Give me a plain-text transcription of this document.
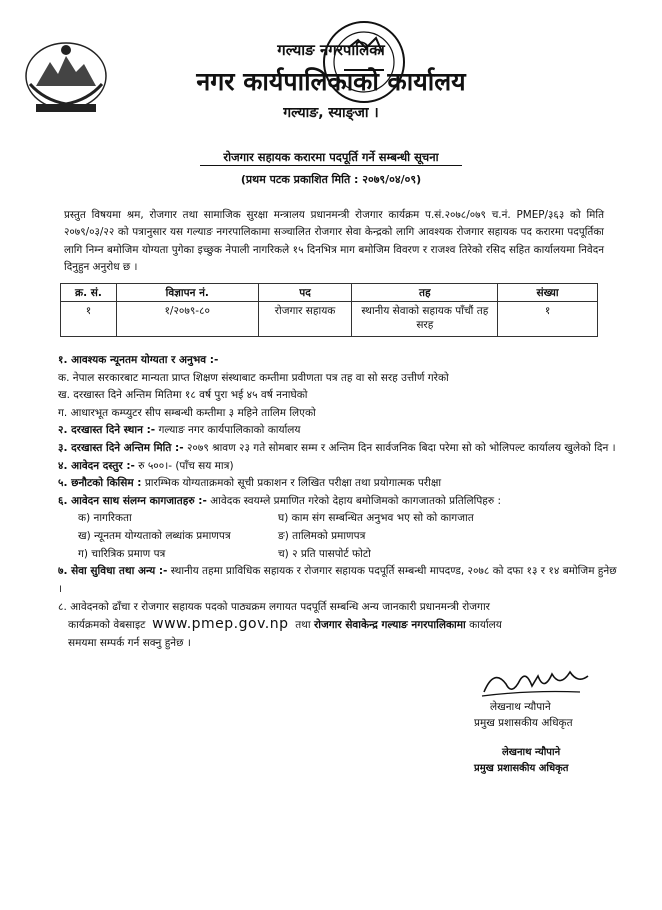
गल्याङ नगरपालिका
नगर कार्यपालिकाको कार्यालय
गल्याङ, स्याङ्जा ।
रोजगार सहायक करारमा पदपूर्ति गर्ने सम्बन्धी सूचना
(प्रथम पटक प्रकाशित मिति : २०७९/०४/०९)
प्रस्तुत विषयमा श्रम, रोजगार तथा सामाजिक सुरक्षा मन्त्रालय प्रधानमन्त्री रोजगार कार्यक्रम प.सं.२०७८/०७९ च.नं. PMEP/३६३ को मिति २०७९/०३/२२ को पत्रानुसार यस गल्याङ नगरपालिकामा सञ्चालित रोजगार सेवा केन्द्रको लागि आवश्यक रोजगार सहायक पद करारमा पदपूर्तिका लागि निम्न बमोजिम योग्यता पुगेका इच्छुक नेपाली नागरिकले १५ दिनभित्र माग बमोजिम विवरण र राजश्व तिरेको रसिद सहित कार्यालयमा निवेदन दिनुहुन अनुरोध छ ।
क्र. सं.	विज्ञापन नं.	पद	तह	संख्या
१	१/२०७९-८०	रोजगार सहायक	स्थानीय सेवाको सहायक पाँचौं तह सरह	१
१. आवश्यक न्यूनतम योग्यता र अनुभव :-
क. नेपाल सरकारबाट मान्यता प्राप्त शिक्षण संस्थाबाट कम्तीमा प्रवीणता पत्र तह वा सो सरह उत्तीर्ण गरेको
ख. दरखास्त दिने अन्तिम मितिमा १८ वर्ष पुरा भई ४५ वर्ष ननाघेको
ग. आधारभूत कम्प्युटर सीप सम्बन्धी कम्तीमा ३ महिने तालिम लिएको
२. दरखास्त दिने स्थान :- गल्याङ नगर कार्यपालिकाको कार्यालय
३. दरखास्त दिने अन्तिम मिति :- २०७९ श्रावण २३ गते सोमबार सम्म र अन्तिम दिन सार्वजनिक बिदा परेमा सो को भोलिपल्ट कार्यालय खुलेको दिन ।
४. आवेदन दस्तुर :- रु ५००।- (पाँच सय मात्र)
५. छनौटको किसिम : प्रारम्भिक योग्यताक्रमको सूची प्रकाशन र लिखित परीक्षा तथा प्रयोगात्मक परीक्षा
६. आवेदन साथ संलग्न कागजातहरु :- आवेदक स्वयम्ले प्रमाणित गरेको देहाय बमोजिमको कागजातको प्रतिलिपिहरु :
क) नागरिकता	घ) काम संग सम्बन्धित अनुभव भए सो को कागजात
ख) न्यूनतम योग्यताको लब्धांक प्रमाणपत्र	ङ) तालिमको प्रमाणपत्र
ग) चारित्रिक प्रमाण पत्र	च) २ प्रति पासपोर्ट फोटो
७. सेवा सुविधा तथा अन्य :- स्थानीय तहमा प्राविधिक सहायक र रोजगार सहायक पदपूर्ति सम्बन्धी मापदण्ड, २०७८ को दफा १३ र १४ बमोजिम हुनेछ ।
८. आवेदनको ढाँचा र रोजगार सहायक पदको पाठ्यक्रम लगायत पदपूर्ति सम्बन्धि अन्य जानकारी प्रधानमन्त्री रोजगार
कार्यक्रमको वेबसाइट www.pmep.gov.np तथा रोजगार सेवाकेन्द्र गल्याङ नगरपालिकामा कार्यालय
समयमा सम्पर्क गर्न सक्नु हुनेछ ।
लेखनाथ न्यौपाने
प्रमुख प्रशासकीय अधिकृत
लेखनाथ न्यौपाने
प्रमुख प्रशासकीय अधिकृत
